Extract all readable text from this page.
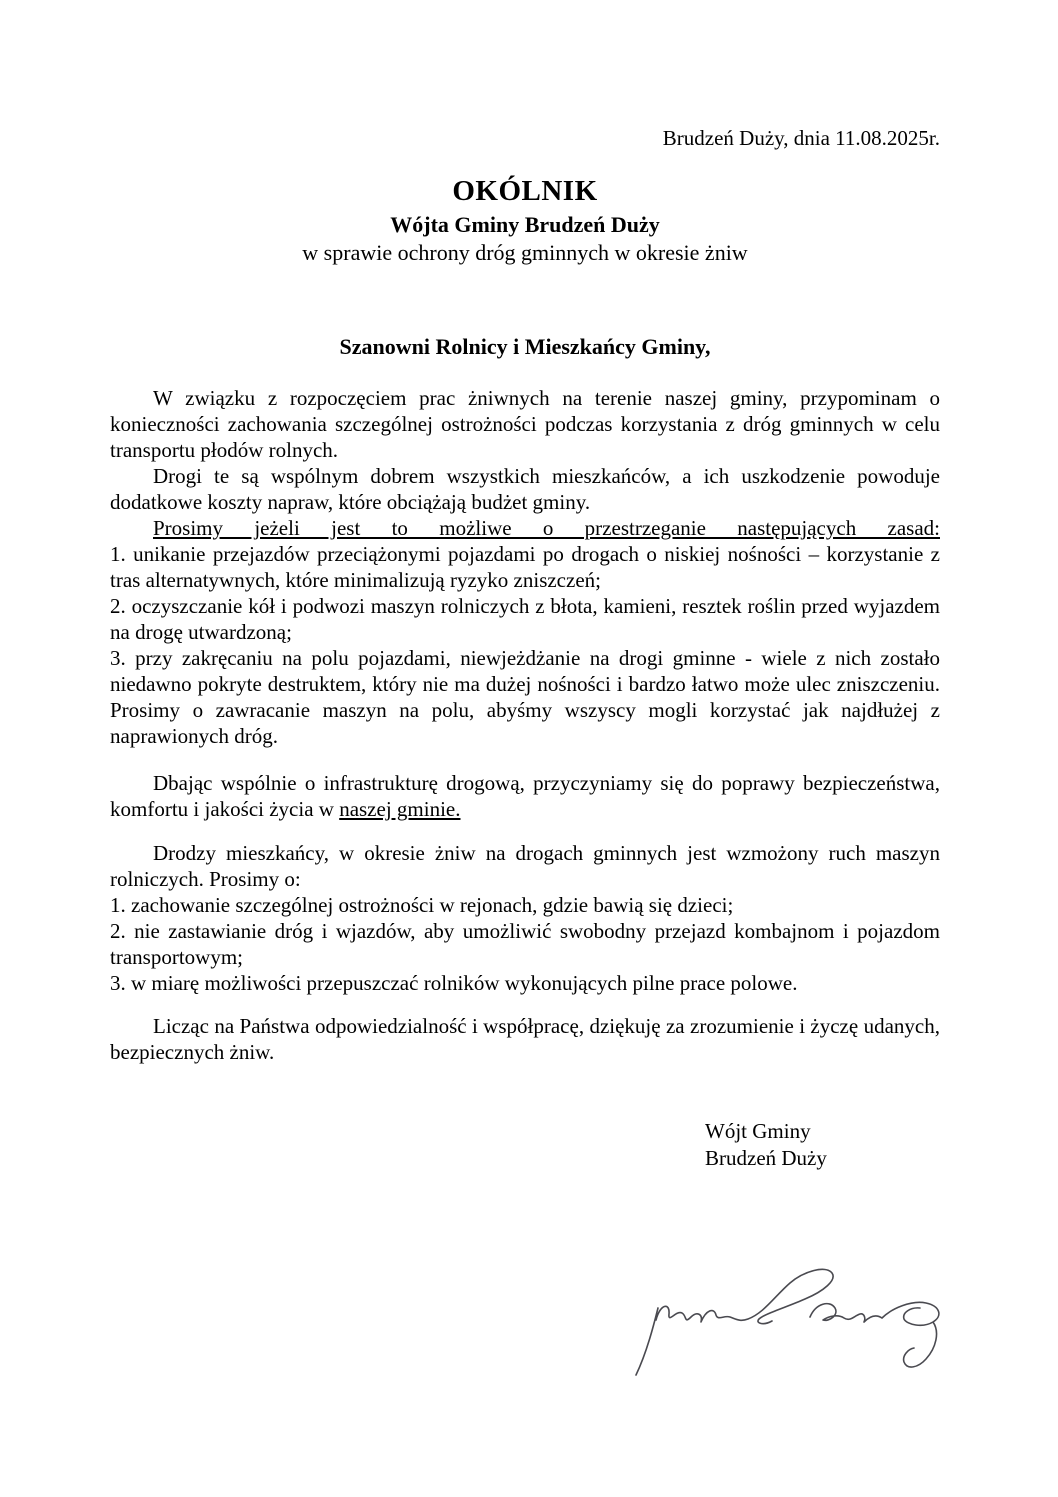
Brudzeń Duży, dnia 11.08.2025r.
OKÓLNIK
Wójta Gminy Brudzeń Duży
w sprawie ochrony dróg gminnych w okresie żniw
Szanowni Rolnicy i Mieszkańcy Gminy,
W związku z rozpoczęciem prac żniwnych na terenie naszej gminy, przypominam o konieczności zachowania szczególnej ostrożności podczas korzystania z dróg gminnych w celu transportu płodów rolnych.
Drogi te są wspólnym dobrem wszystkich mieszkańców, a ich uszkodzenie powoduje dodatkowe koszty napraw, które obciążają budżet gminy.
Prosimy jeżeli jest to możliwe o przestrzeganie następujących zasad:
1. unikanie przejazdów przeciążonymi pojazdami po drogach o niskiej nośności – korzystanie z tras alternatywnych, które minimalizują ryzyko zniszczeń;
2. oczyszczanie kół i podwozi maszyn rolniczych z błota, kamieni, resztek roślin przed wyjazdem na drogę utwardzoną;
3. przy zakręcaniu na polu pojazdami, niewjeżdżanie na drogi gminne - wiele z nich zostało niedawno pokryte destruktem, który nie ma dużej nośności i bardzo łatwo może ulec zniszczeniu. Prosimy o zawracanie maszyn na polu, abyśmy wszyscy mogli korzystać jak najdłużej z naprawionych dróg.
Dbając wspólnie o infrastrukturę drogową, przyczyniamy się do poprawy bezpieczeństwa, komfortu i jakości życia w naszej gminie.
Drodzy mieszkańcy, w okresie żniw na drogach gminnych jest wzmożony ruch maszyn rolniczych. Prosimy o:
1. zachowanie szczególnej ostrożności w rejonach, gdzie bawią się dzieci;
2. nie zastawianie dróg i wjazdów, aby umożliwić swobodny przejazd kombajnom i pojazdom transportowym;
3. w miarę możliwości przepuszczać rolników wykonujących pilne prace polowe.
Licząc na Państwa odpowiedzialność i współpracę, dziękuję za zrozumienie i życzę udanych, bezpiecznych żniw.
Wójt Gminy
Brudzeń Duży
